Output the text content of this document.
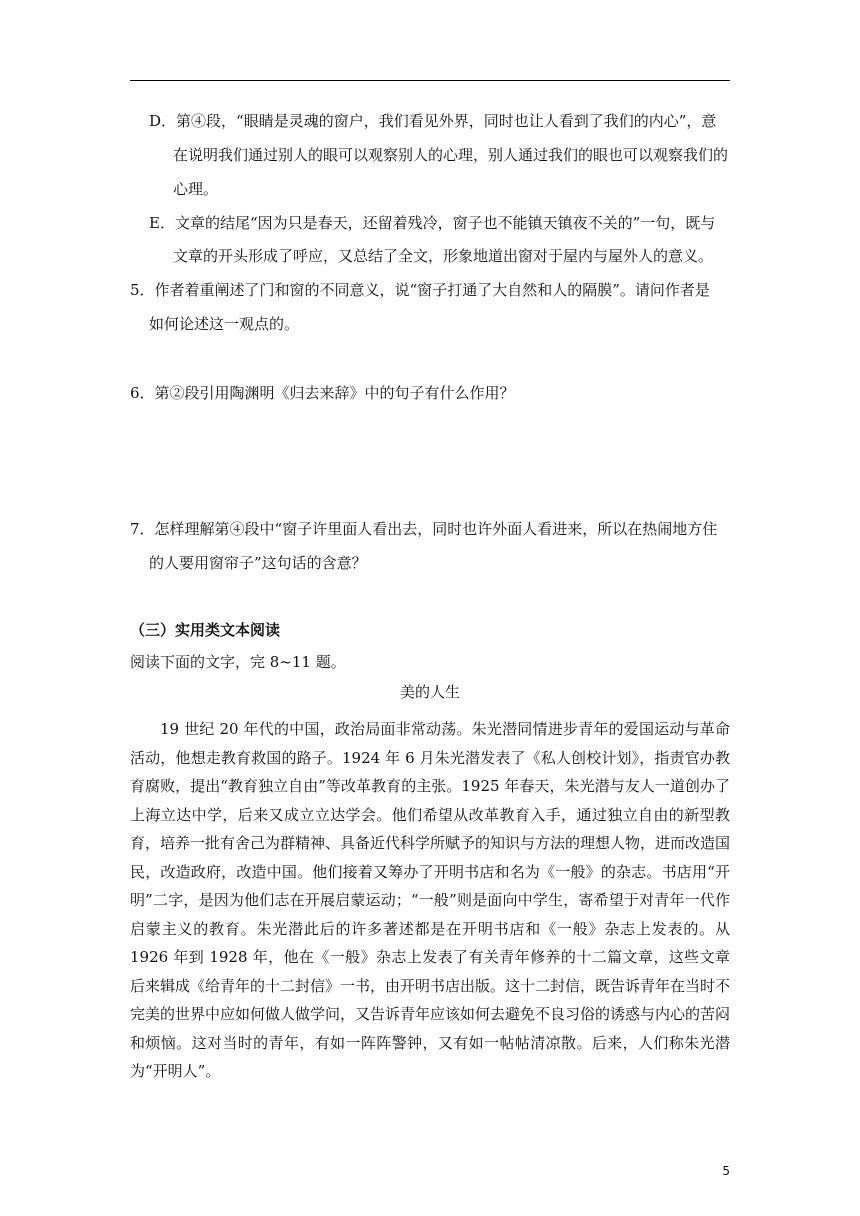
D．第④段，“眼睛是灵魂的窗户，我们看见外界，同时也让人看到了我们的内心”，意
在说明我们通过别人的眼可以观察别人的心理，别人通过我们的眼也可以观察我们的
心理。
E．文章的结尾“因为只是春天，还留着残冷，窗子也不能镇天镇夜不关的”一句，既与
文章的开头形成了呼应，又总结了全文，形象地道出窗对于屋内与屋外人的意义。
5．作者着重阐述了门和窗的不同意义，说“窗子打通了大自然和人的隔膜”。请问作者是
如何论述这一观点的。
6．第②段引用陶渊明《归去来辞》中的句子有什么作用？
7．怎样理解第④段中“窗子许里面人看出去，同时也许外面人看进来，所以在热闹地方住
的人要用窗帘子”这句话的含意？
（三）实用类文本阅读
阅读下面的文字，完 8~11 题。
美的人生
19 世纪 20 年代的中国，政治局面非常动荡。朱光潜同情进步青年的爱国运动与革命活动，他想走教育救国的路子。1924 年 6 月朱光潜发表了《私人创校计划》，指责官办教育腐败，提出“教育独立自由”等改革教育的主张。1925 年春天，朱光潜与友人一道创办了上海立达中学，后来又成立立达学会。他们希望从改革教育入手，通过独立自由的新型教育，培养一批有舍己为群精神、具备近代科学所赋予的知识与方法的理想人物，进而改造国民，改造政府，改造中国。他们接着又筹办了开明书店和名为《一般》的杂志。书店用“开明”二字，是因为他们志在开展启蒙运动；“一般”则是面向中学生，寄希望于对青年一代作启蒙主义的教育。朱光潜此后的许多著述都是在开明书店和《一般》杂志上发表的。从 1926 年到 1928 年，他在《一般》杂志上发表了有关青年修养的十二篇文章，这些文章后来辑成《给青年的十二封信》一书，由开明书店出版。这十二封信，既告诉青年在当时不完美的世界中应如何做人做学问，又告诉青年应该如何去避免不良习俗的诱惑与内心的苦闷和烦恼。这对当时的青年，有如一阵阵警钟，又有如一帖帖清凉散。后来，人们称朱光潜为“开明人”。
5
